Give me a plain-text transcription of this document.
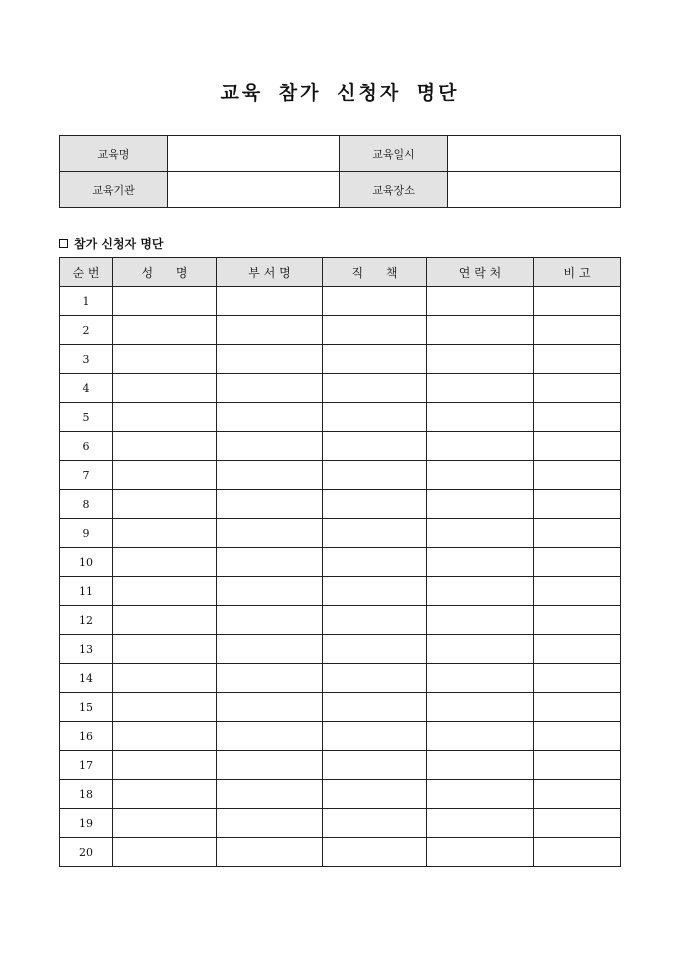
교육 참가 신청자 명단
교육명		교육일시	
교육기관		교육장소	
참가 신청자 명단
순 번	성      명	부 서 명	직      책	연 락 처	비 고
1					
2					
3					
4					
5					
6					
7					
8					
9					
10					
11					
12					
13					
14					
15					
16					
17					
18					
19					
20					
